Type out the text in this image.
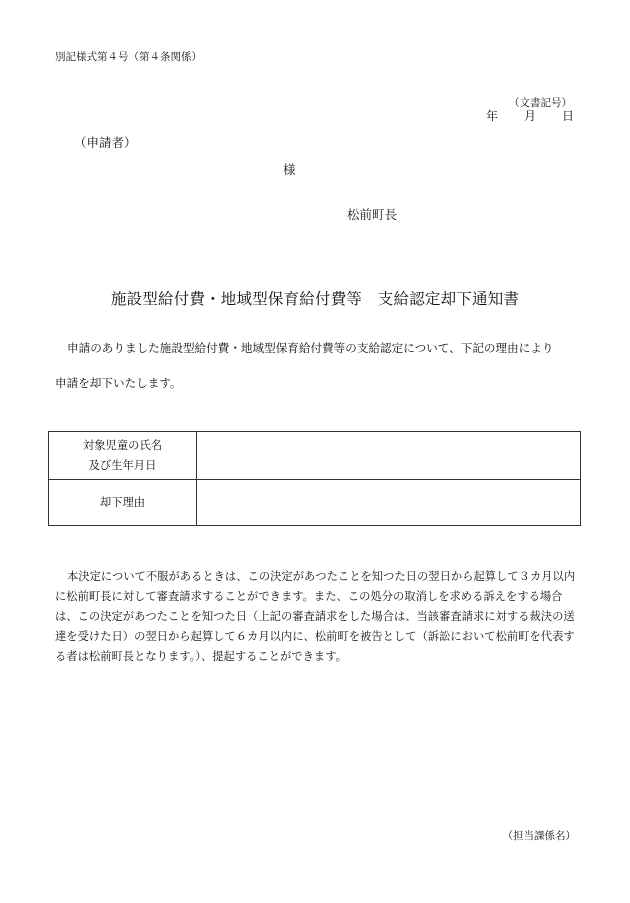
別記様式第４号（第４条関係）
（文書記号）
年 月 日
（申請者）
様
松前町長
施設型給付費・地域型保育給付費等　支給認定却下通知書

申請のありました施設型給付費・地域型保育給付費等の支給認定について、下記の理由により

申請を却下いたします。

対象児童の氏名
及び生年月日	

却下理由	

本決定について不服があるときは、この決定があつたことを知つた日の翌日から起算して３カ月以内に松前町長に対して審査請求することができます。また、この処分の取消しを求める訴えをする場合は、この決定があつたことを知つた日（上記の審査請求をした場合は、当該審査請求に対する裁決の送達を受けた日）の翌日から起算して６カ月以内に、松前町を被告として（訴訟において松前町を代表する者は松前町長となります。）、提起することができます。

（担当課係名）
